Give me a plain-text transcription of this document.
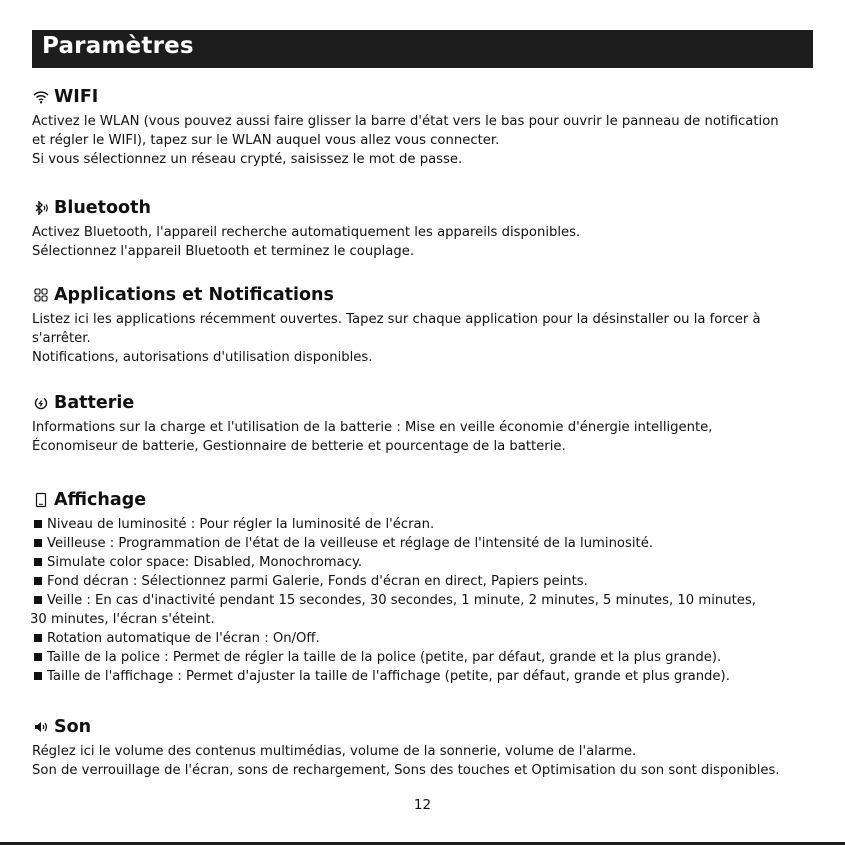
Paramètres
WIFI
Activez le WLAN (vous pouvez aussi faire glisser la barre d'état vers le bas pour ouvrir le panneau de notification
et régler le WIFI), tapez sur le WLAN auquel vous allez vous connecter.
Si vous sélectionnez un réseau crypté, saisissez le mot de passe.
Bluetooth
Activez Bluetooth, l'appareil recherche automatiquement les appareils disponibles.
Sélectionnez l'appareil Bluetooth et terminez le couplage.
Applications et Notifications
Listez ici les applications récemment ouvertes. Tapez sur chaque application pour la désinstaller ou la forcer à
s'arrêter.
Notifications, autorisations d'utilisation disponibles.
Batterie
Informations sur la charge et l'utilisation de la batterie : Mise en veille économie d'énergie intelligente,
Économiseur de batterie, Gestionnaire de betterie et pourcentage de la batterie.
Affichage
Niveau de luminosité : Pour régler la luminosité de l'écran.
Veilleuse : Programmation de l'état de la veilleuse et réglage de l'intensité de la luminosité.
Simulate color space: Disabled, Monochromacy.
Fond décran : Sélectionnez parmi Galerie, Fonds d'écran en direct, Papiers peints.
Veille : En cas d'inactivité pendant 15 secondes, 30 secondes, 1 minute, 2 minutes, 5 minutes, 10 minutes,
30 minutes, l'écran s'éteint.
Rotation automatique de l'écran : On/Off.
Taille de la police : Permet de régler la taille de la police (petite, par défaut, grande et la plus grande).
Taille de l'affichage : Permet d'ajuster la taille de l'affichage (petite, par défaut, grande et plus grande).
Son
Réglez ici le volume des contenus multimédias, volume de la sonnerie, volume de l'alarme.
Son de verrouillage de l'écran, sons de rechargement, Sons des touches et Optimisation du son sont disponibles.
12
